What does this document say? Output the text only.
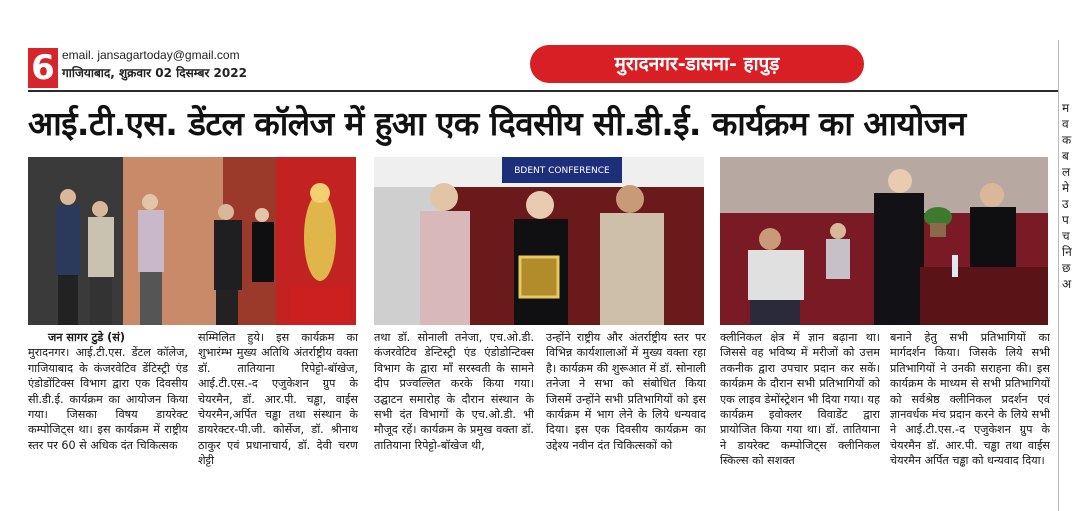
6 email. jansagartoday@gmail.com
गाजियाबाद, शुक्रवार 02 दिसम्बर 2022	मुरादनगर-डासना- हापुड़
आई.टी.एस. डेंटल कॉलेज में हुआ एक दिवसीय सी.डी.ई. कार्यक्रम का आयोजन
BDENT CONFERENCE

जन सागर टुडे (सं)

मुरादनगर। आई.टी.एस. डेंटल कॉलेज, गाजियाबाद के कंजरवेटिव डेंटिस्ट्री एंड एंडोडोंटिक्स विभाग द्वारा एक दिवसीय सी.डी.ई. कार्यक्रम का आयोजन किया गया। जिसका विषय डायरेक्ट कम्पोजिट्स था। इस कार्यक्रम में राष्ट्रीय स्तर पर 60 से अधिक दंत चिकित्सक

सम्मिलित हुये। इस कार्यक्रम का शुभारंम्भ मुख्य अतिथि अंतर्राष्ट्रीय वक्ता डॉ. तातियाना रिपेट्टो-बॉखेज, आई.टी.एस.-द एजुकेशन ग्रुप के चेयरमैन, डॉ. आर.पी. चड्ढा, वाईस चेयरमैन,अर्पित चड्ढा तथा संस्थान के डायरेक्टर-पी.जी. कोर्सेज, डॉ. श्रीनाथ ठाकुर एवं प्रधानाचार्य, डॉ. देवी चरण शेट्टी

तथा डॉ. सोनाली तनेजा, एच.ओ.डी. कंजरवेटिव डेन्टिस्ट्री एंड एंडोडोन्टिक्स विभाग के द्वारा माँ सरस्वती के सामने दीप प्रज्वल्लित करके किया गया। उद्घाटन समारोह के दौरान संस्थान के सभी दंत विभागों के एच.ओ.डी. भी मौजूद रहें। कार्यक्रम के प्रमुख वक्ता डॉ. तातियाना रिपेट्टो-बॉखेज थी,

उन्होंने राष्ट्रीय और अंतर्राष्ट्रीय स्तर पर विभिन्न कार्यशालाओं में मुख्य वक्ता रहा है। कार्यक्रम की शुरूआत में डॉ. सोनाली तनेजा ने सभा को संबोधित किया जिसमें उन्होंने सभी प्रतिभागियों को इस कार्यक्रम में भाग लेने के लिये धन्यवाद दिया। इस एक दिवसीय कार्यक्रम का उद्देश्य नवीन दंत चिकित्सकों को

क्लीनिकल क्षेत्र में ज्ञान बढ़ाना था। जिससे वह भविष्य में मरीजों को उत्तम तकनीक द्वारा उपचार प्रदान कर सकें। कार्यक्रम के दौरान सभी प्रतिभागियों को एक लाइव डेमोंस्ट्रेशन भी दिया गया। यह कार्यक्रम इवोक्लर विवाडेंट द्वारा प्रायोजित किया गया था। डॉ. तातियाना ने डायरेक्ट कम्पोजिट्स क्लीनिकल स्किल्स को सशक्त

बनाने हेतु सभी प्रतिभागियों का मार्गदर्शन किया। जिसके लिये सभी प्रतिभागियों ने उनकी सराहना की। इस कार्यक्रम के माध्यम से सभी प्रतिभागियों को सर्वश्रेष्ठ क्लीनिकल प्रदर्शन एवं ज्ञानवर्धक मंच प्रदान करने के लिये सभी ने आई.टी.एस.-द एजुकेशन ग्रुप के चेयरमैन डॉ. आर.पी. चड्ढा तथा वाईस चेयरमैन अर्पित चड्ढा को धन्यवाद दिया।

म
व
क
ब
ल
मे
उ
प
च
नि
छ
अ
